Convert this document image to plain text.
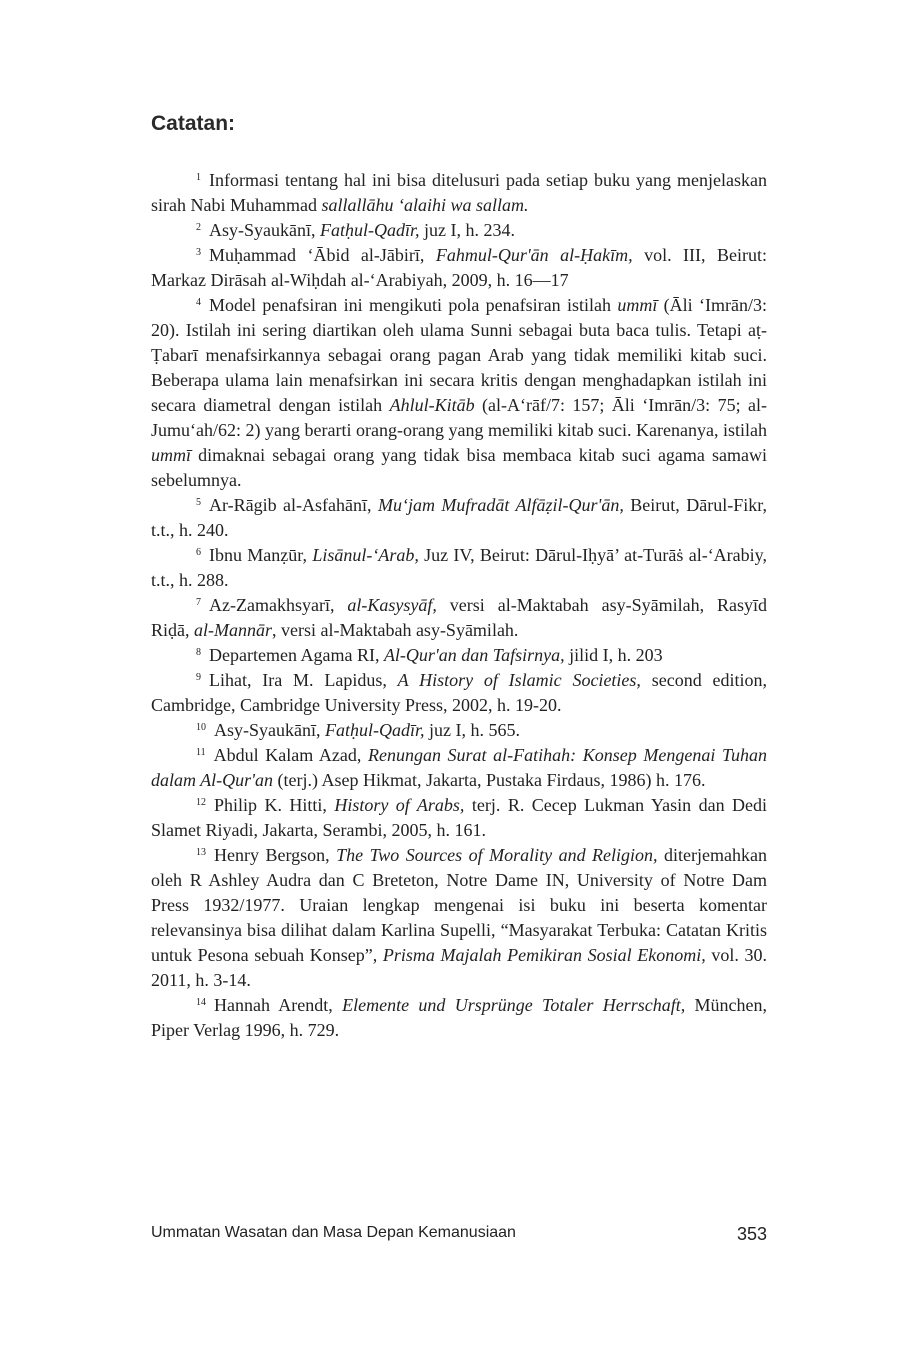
Catatan:

$^1$ Informasi tentang hal ini bisa ditelusuri pada setiap buku yang menjelaskan sirah Nabi Muhammad sallallāhu ‘alaihi wa sallam.

$^2$ Asy-Syaukānī, Fatḥul-Qadīr, juz I, h. 234.

$^3$ Muḥammad ‘Ābid al-Jābirī, Fahmul-Qur'ān al-Ḥakīm, vol. III, Beirut: Markaz Dirāsah al-Wiḥdah al-‘Arabiyah, 2009, h. 16—17

$^4$ Model penafsiran ini mengikuti pola penafsiran istilah ummī (Āli ‘Imrān/3: 20). Istilah ini sering diartikan oleh ulama Sunni sebagai buta baca tulis. Tetapi aṭ-Ṭabarī menafsirkannya sebagai orang pagan Arab yang tidak memiliki kitab suci. Beberapa ulama lain menafsirkan ini secara kritis dengan menghadapkan istilah ini secara diametral dengan istilah Ahlul-Kitāb (al-A‘rāf/7: 157; Āli ‘Imrān/3: 75; al-Jumu‘ah/62: 2) yang berarti orang-orang yang memiliki kitab suci. Karenanya, istilah ummī dimaknai sebagai orang yang tidak bisa membaca kitab suci agama samawi sebelumnya.

$^5$ Ar-Rāgib al-Asfahānī, Mu‘jam Mufradāt Alfāẓil-Qur'ān, Beirut, Dārul-Fikr, t.t., h. 240.

$^6$ Ibnu Manẓūr, Lisānul-‘Arab, Juz IV, Beirut: Dārul-Iḥyā’ at-Turāṡ al-‘Arabiy, t.t., h. 288.

$^7$ Az-Zamakhsyarī, al-Kasysyāf, versi al-Maktabah asy-Syāmilah, Rasyīd Riḍā, al-Mannār, versi al-Maktabah asy-Syāmilah.

$^8$ Departemen Agama RI, Al-Qur'an dan Tafsirnya, jilid I, h. 203

$^9$ Lihat, Ira M. Lapidus, A History of Islamic Societies, second edition, Cambridge, Cambridge University Press, 2002, h. 19-20.

$^{10}$ Asy-Syaukānī, Fatḥul-Qadīr, juz I, h. 565.

$^{11}$ Abdul Kalam Azad, Renungan Surat al-Fatihah: Konsep Mengenai Tuhan dalam Al-Qur'an (terj.) Asep Hikmat, Jakarta, Pustaka Firdaus, 1986) h. 176.

$^{12}$ Philip K. Hitti, History of Arabs, terj. R. Cecep Lukman Yasin dan Dedi Slamet Riyadi, Jakarta, Serambi, 2005, h. 161.

$^{13}$ Henry Bergson, The Two Sources of Morality and Religion, diterjemahkan oleh R Ashley Audra dan C Breteton, Notre Dame IN, University of Notre Dam Press 1932/1977. Uraian lengkap mengenai isi buku ini beserta komentar relevansinya bisa dilihat dalam Karlina Supelli, “Masyarakat Terbuka: Catatan Kritis untuk Pesona sebuah Konsep”, Prisma Majalah Pemikiran Sosial Ekonomi, vol. 30. 2011, h. 3-14.

$^{14}$ Hannah Arendt, Elemente und Ursprünge Totaler Herrschaft, München, Piper Verlag 1996, h. 729.

Ummatan Wasatan dan Masa Depan Kemanusiaan	353
